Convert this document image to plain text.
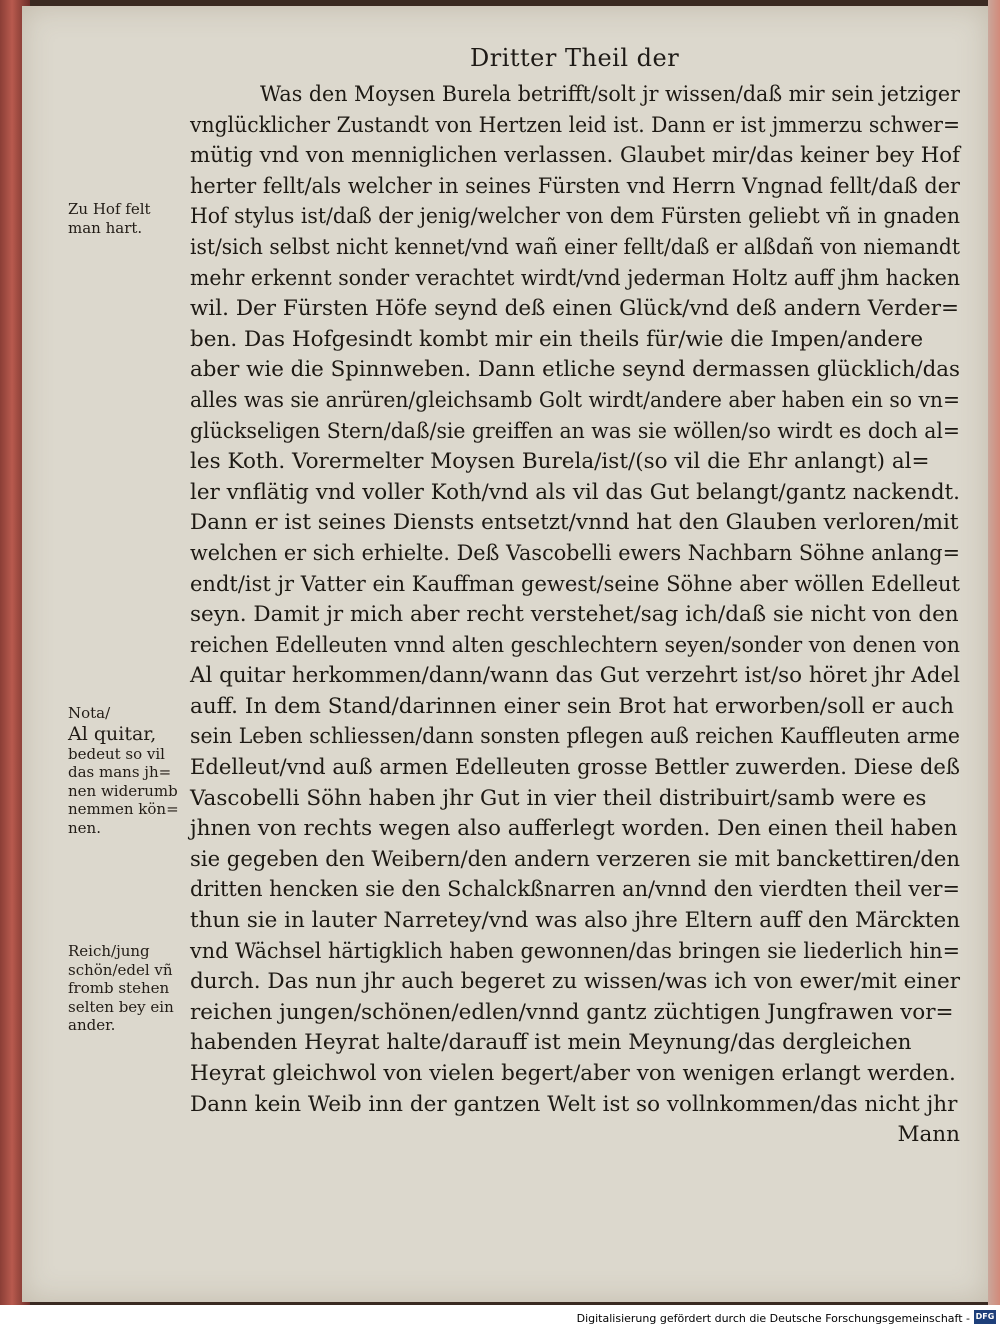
Dritter Theil der
Was den Moysen Burela betrifft/solt jr wissen/daß mir sein jetziger
vnglücklicher Zustandt von Hertzen leid ist. Dann er ist jmmerzu schwer=
mütig vnd von menniglichen verlassen. Glaubet mir/das keiner bey Hof
herter fellt/als welcher in seines Fürsten vnd Herrn Vngnad fellt/daß der
Hof stylus ist/daß der jenig/welcher von dem Fürsten geliebt vñ in gnaden
ist/sich selbst nicht kennet/vnd wañ einer fellt/daß er alßdañ von niemandt
mehr erkennt sonder verachtet wirdt/vnd jederman Holtz auff jhm hacken
wil. Der Fürsten Höfe seynd deß einen Glück/vnd deß andern Verder=
ben. Das Hofgesindt kombt mir ein theils für/wie die Impen/andere
aber wie die Spinnweben. Dann etliche seynd dermassen glücklich/das
alles was sie anrüren/gleichsamb Golt wirdt/andere aber haben ein so vn=
glückseligen Stern/daß/sie greiffen an was sie wöllen/so wirdt es doch al=
les Koth. Vorermelter Moysen Burela/ist/(so vil die Ehr anlangt) al=
ler vnflätig vnd voller Koth/vnd als vil das Gut belangt/gantz nackendt.
Dann er ist seines Diensts entsetzt/vnnd hat den Glauben verloren/mit
welchen er sich erhielte. Deß Vascobelli ewers Nachbarn Söhne anlang=
endt/ist jr Vatter ein Kauffman gewest/seine Söhne aber wöllen Edelleut
seyn. Damit jr mich aber recht verstehet/sag ich/daß sie nicht von den
reichen Edelleuten vnnd alten geschlechtern seyen/sonder von denen von
Al quitar herkommen/dann/wann das Gut verzehrt ist/so höret jhr Adel
auff. In dem Stand/darinnen einer sein Brot hat erworben/soll er auch
sein Leben schliessen/dann sonsten pflegen auß reichen Kauffleuten arme
Edelleut/vnd auß armen Edelleuten grosse Bettler zuwerden. Diese deß
Vascobelli Söhn haben jhr Gut in vier theil distribuirt/samb were es
jhnen von rechts wegen also aufferlegt worden. Den einen theil haben
sie gegeben den Weibern/den andern verzeren sie mit banckettiren/den
dritten hencken sie den Schalckßnarren an/vnnd den vierdten theil ver=
thun sie in lauter Narretey/vnd was also jhre Eltern auff den Märckten
vnd Wächsel härtigklich haben gewonnen/das bringen sie liederlich hin=
durch. Das nun jhr auch begeret zu wissen/was ich von ewer/mit einer
reichen jungen/schönen/edlen/vnnd gantz züchtigen Jungfrawen vor=
habenden Heyrat halte/darauff ist mein Meynung/das dergleichen
Heyrat gleichwol von vielen begert/aber von wenigen erlangt werden.
Dann kein Weib inn der gantzen Welt ist so vollnkommen/das nicht jhr
Mann
Zu Hof felt
man hart.
Nota/
Al quitar,
bedeut so vil
das mans jh=
nen widerumb
nemmen kön=
nen.
Reich/jung
schön/edel vñ
fromb stehen
selten bey ein
ander.
Digitalisierung gefördert durch die Deutsche Forschungsgemeinschaft - DFG
